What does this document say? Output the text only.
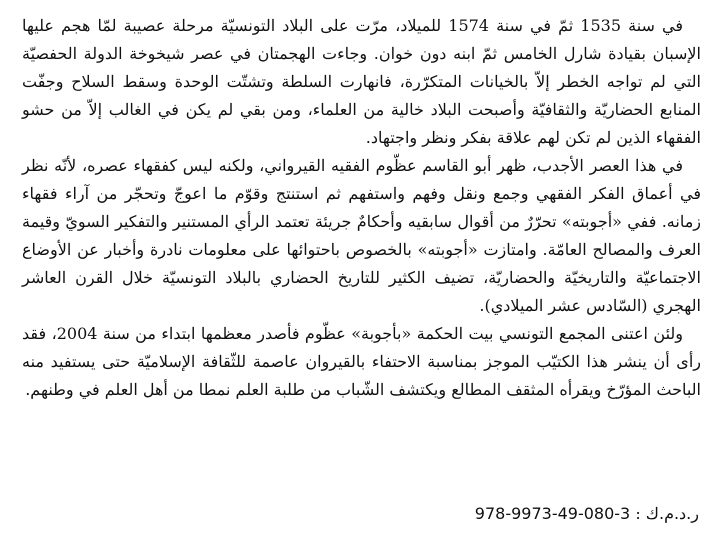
في سنة 1535 ثمّ في سنة 1574 للميلاد، مرّت على البلاد التونسيّة مرحلة عصيبة لمّا هجم عليها الإسبان بقيادة شارل الخامس ثمّ ابنه دون خوان. وجاءت الهجمتان في عصر شيخوخة الدولة الحفصيّة التي لم تواجه الخطر إلاّ بالخيانات المتكرّرة، فانهارت السلطة وتشتّت الوحدة وسقط السلاح وجفّت المنابع الحضاريّة والثقافيّة وأصبحت البلاد خالية من العلماء، ومن بقي لم يكن في الغالب إلاّ من حشو الفقهاء الذين لم تكن لهم علاقة بفكر ونظر واجتهاد.

في هذا العصر الأجدب، ظهر أبو القاسم عظّوم الفقيه القيرواني، ولكنه ليس كفقهاء عصره، لأنّه نظر في أعماق الفكر الفقهي وجمع ونقل وفهم واستفهم ثم استنتج وقوّم ما اعوجّ وتحجّر من آراء فقهاء زمانه. ففي «أجوبته» تحرّرٌ من أقوال سابقيه وأحكامٌ جريئة تعتمد الرأي المستنير والتفكير السويّ وقيمة العرف والمصالح العامّة. وامتازت «أجوبته» بالخصوص باحتوائها على معلومات نادرة وأخبار عن الأوضاع الاجتماعيّة والتاريخيّة والحضاريّة، تضيف الكثير للتاريخ الحضاري بالبلاد التونسيّة خلال القرن العاشر الهجري (السّادس عشر الميلادي).

ولئن اعتنى المجمع التونسي بيت الحكمة «بأجوبة» عظّوم فأصدر معظمها ابتداء من سنة 2004، فقد رأى أن ينشر هذا الكتيّب الموجز بمناسبة الاحتفاء بالقيروان عاصمة للثّقافة الإسلاميّة حتى يستفيد منه الباحث المؤرّخ ويقرأه المثقف المطالع ويكتشف الشّباب من طلبة العلم نمطا من أهل العلم في وطنهم.

ر.د.م.ك : 978-9973-49-080-3
